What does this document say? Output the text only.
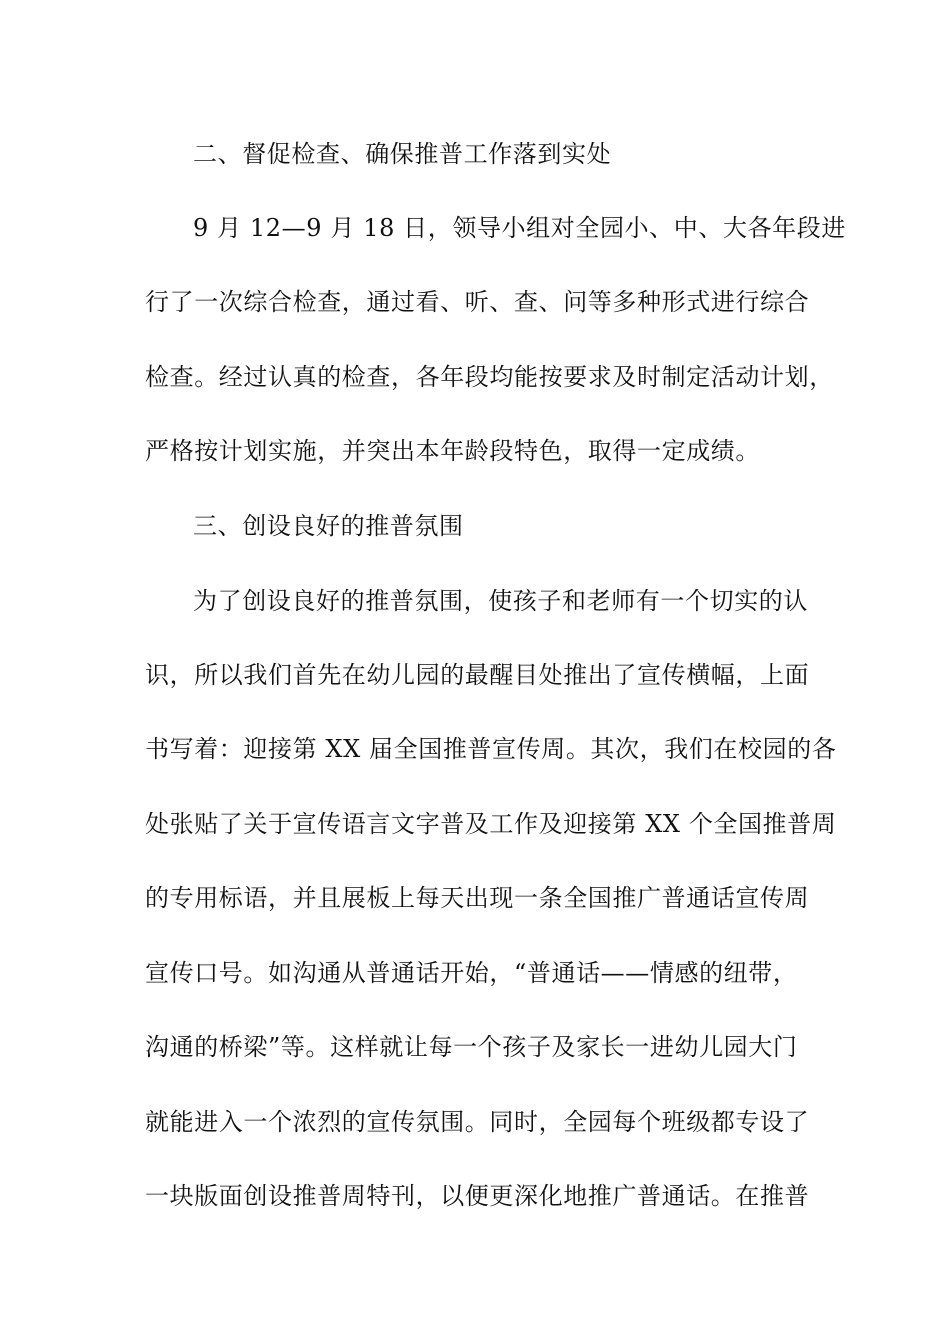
二、督促检查、确保推普工作落到实处
9 月 12—9 月 18 日，领导小组对全园小、中、大各年段进
行了一次综合检查，通过看、听、查、问等多种形式进行综合
检查。经过认真的检查，各年段均能按要求及时制定活动计划，
严格按计划实施，并突出本年龄段特色，取得一定成绩。
三、创设良好的推普氛围
为了创设良好的推普氛围，使孩子和老师有一个切实的认
识，所以我们首先在幼儿园的最醒目处推出了宣传横幅，上面
书写着：迎接第 XX 届全国推普宣传周。其次，我们在校园的各
处张贴了关于宣传语言文字普及工作及迎接第 XX 个全国推普周
的专用标语，并且展板上每天出现一条全国推广普通话宣传周
宣传口号。如沟通从普通话开始，“普通话——情感的纽带，
沟通的桥梁”等。这样就让每一个孩子及家长一进幼儿园大门
就能进入一个浓烈的宣传氛围。同时，全园每个班级都专设了
一块版面创设推普周特刊，以便更深化地推广普通话。在推普
